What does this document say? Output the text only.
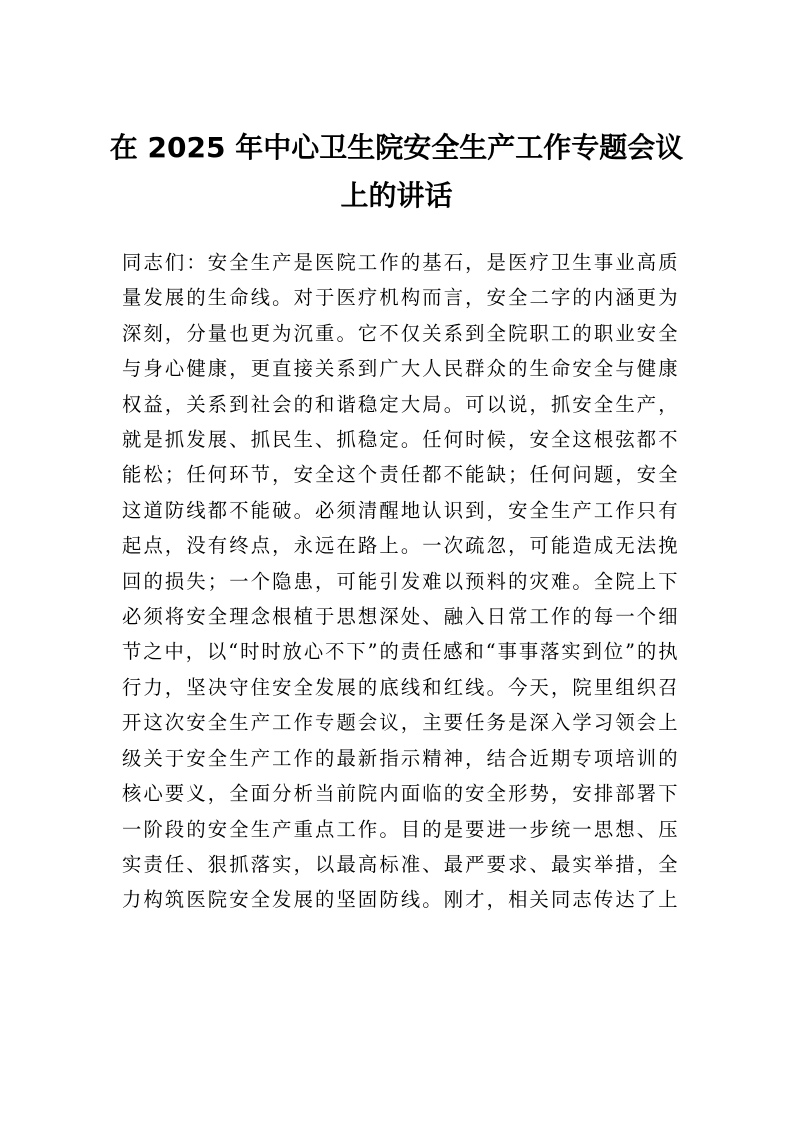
在 2025 年中心卫生院安全生产工作专题会议上的讲话
同志们：安全生产是医院工作的基石，是医疗卫生事业高质
量发展的生命线。对于医疗机构而言，安全二字的内涵更为
深刻，分量也更为沉重。它不仅关系到全院职工的职业安全
与身心健康，更直接关系到广大人民群众的生命安全与健康
权益，关系到社会的和谐稳定大局。可以说，抓安全生产，
就是抓发展、抓民生、抓稳定。任何时候，安全这根弦都不
能松；任何环节，安全这个责任都不能缺；任何问题，安全
这道防线都不能破。必须清醒地认识到，安全生产工作只有
起点，没有终点，永远在路上。一次疏忽，可能造成无法挽
回的损失；一个隐患，可能引发难以预料的灾难。全院上下
必须将安全理念根植于思想深处、融入日常工作的每一个细
节之中，以“时时放心不下”的责任感和“事事落实到位”的执
行力，坚决守住安全发展的底线和红线。今天，院里组织召
开这次安全生产工作专题会议，主要任务是深入学习领会上
级关于安全生产工作的最新指示精神，结合近期专项培训的
核心要义，全面分析当前院内面临的安全形势，安排部署下
一阶段的安全生产重点工作。目的是要进一步统一思想、压
实责任、狠抓落实，以最高标准、最严要求、最实举措，全
力构筑医院安全发展的坚固防线。刚才，相关同志传达了上
